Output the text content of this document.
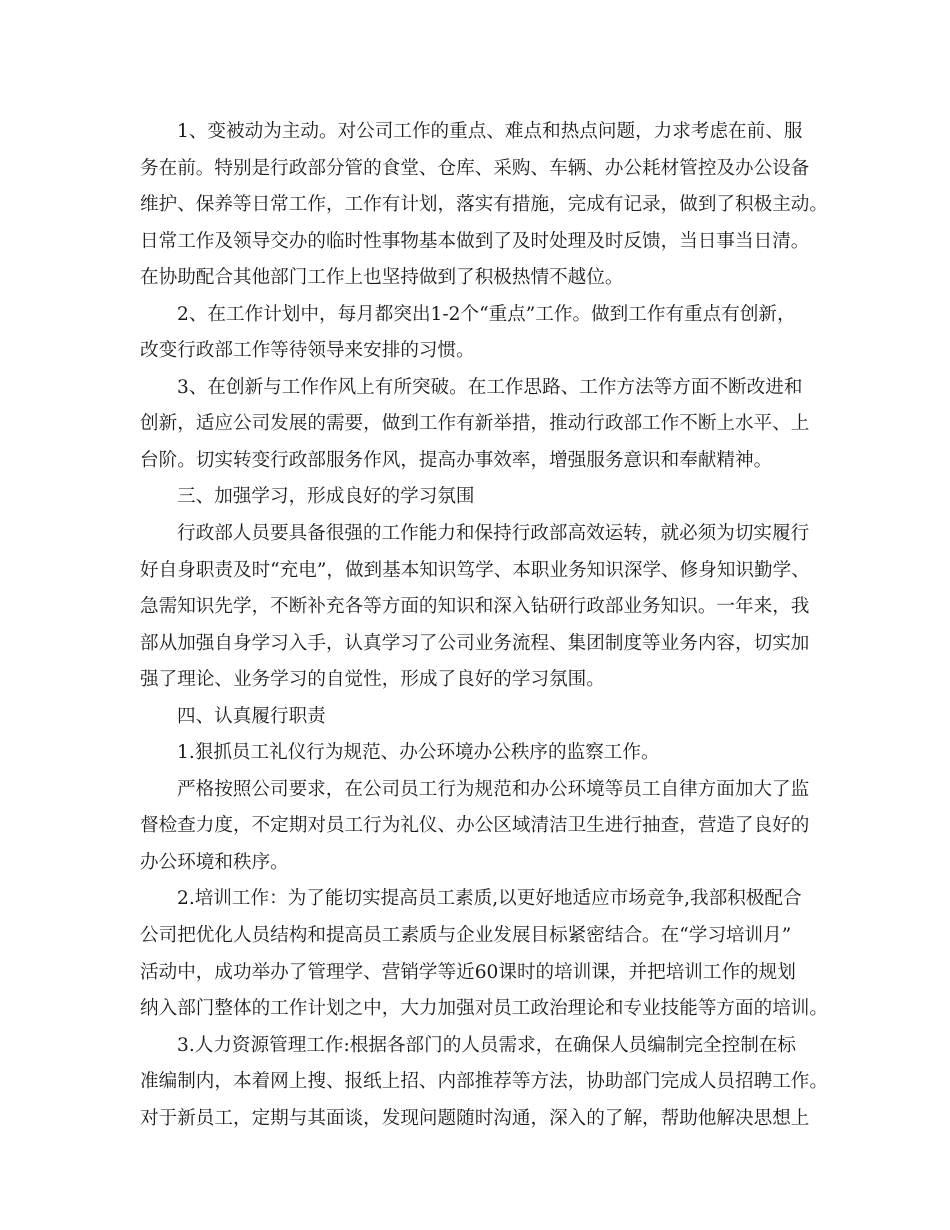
1、变被动为主动。对公司工作的重点、难点和热点问题，力求考虑在前、服
务在前。特别是行政部分管的食堂、仓库、采购、车辆、办公耗材管控及办公设备
维护、保养等日常工作，工作有计划，落实有措施，完成有记录，做到了积极主动。
日常工作及领导交办的临时性事物基本做到了及时处理及时反馈，当日事当日清。
在协助配合其他部门工作上也坚持做到了积极热情不越位。
2、在工作计划中，每月都突出1-2个“重点”工作。做到工作有重点有创新，
改变行政部工作等待领导来安排的习惯。
3、在创新与工作作风上有所突破。在工作思路、工作方法等方面不断改进和
创新，适应公司发展的需要，做到工作有新举措，推动行政部工作不断上水平、上
台阶。切实转变行政部服务作风，提高办事效率，增强服务意识和奉献精神。
三、加强学习，形成良好的学习氛围
行政部人员要具备很强的工作能力和保持行政部高效运转，就必须为切实履行
好自身职责及时“充电”，做到基本知识笃学、本职业务知识深学、修身知识勤学、
急需知识先学，不断补充各等方面的知识和深入钻研行政部业务知识。一年来，我
部从加强自身学习入手，认真学习了公司业务流程、集团制度等业务内容，切实加
强了理论、业务学习的自觉性，形成了良好的学习氛围。
四、认真履行职责
1.狠抓员工礼仪行为规范、办公环境办公秩序的监察工作。
严格按照公司要求，在公司员工行为规范和办公环境等员工自律方面加大了监
督检查力度，不定期对员工行为礼仪、办公区域清洁卫生进行抽查，营造了良好的
办公环境和秩序。
2.培训工作：为了能切实提高员工素质,以更好地适应市场竞争,我部积极配合
公司把优化人员结构和提高员工素质与企业发展目标紧密结合。在“学习培训月”
活动中，成功举办了管理学、营销学等近60课时的培训课，并把培训工作的规划
纳入部门整体的工作计划之中，大力加强对员工政治理论和专业技能等方面的培训。
3.人力资源管理工作:根据各部门的人员需求，在确保人员编制完全控制在标
准编制内，本着网上搜、报纸上招、内部推荐等方法，协助部门完成人员招聘工作。
对于新员工，定期与其面谈，发现问题随时沟通，深入的了解，帮助他解决思想上
